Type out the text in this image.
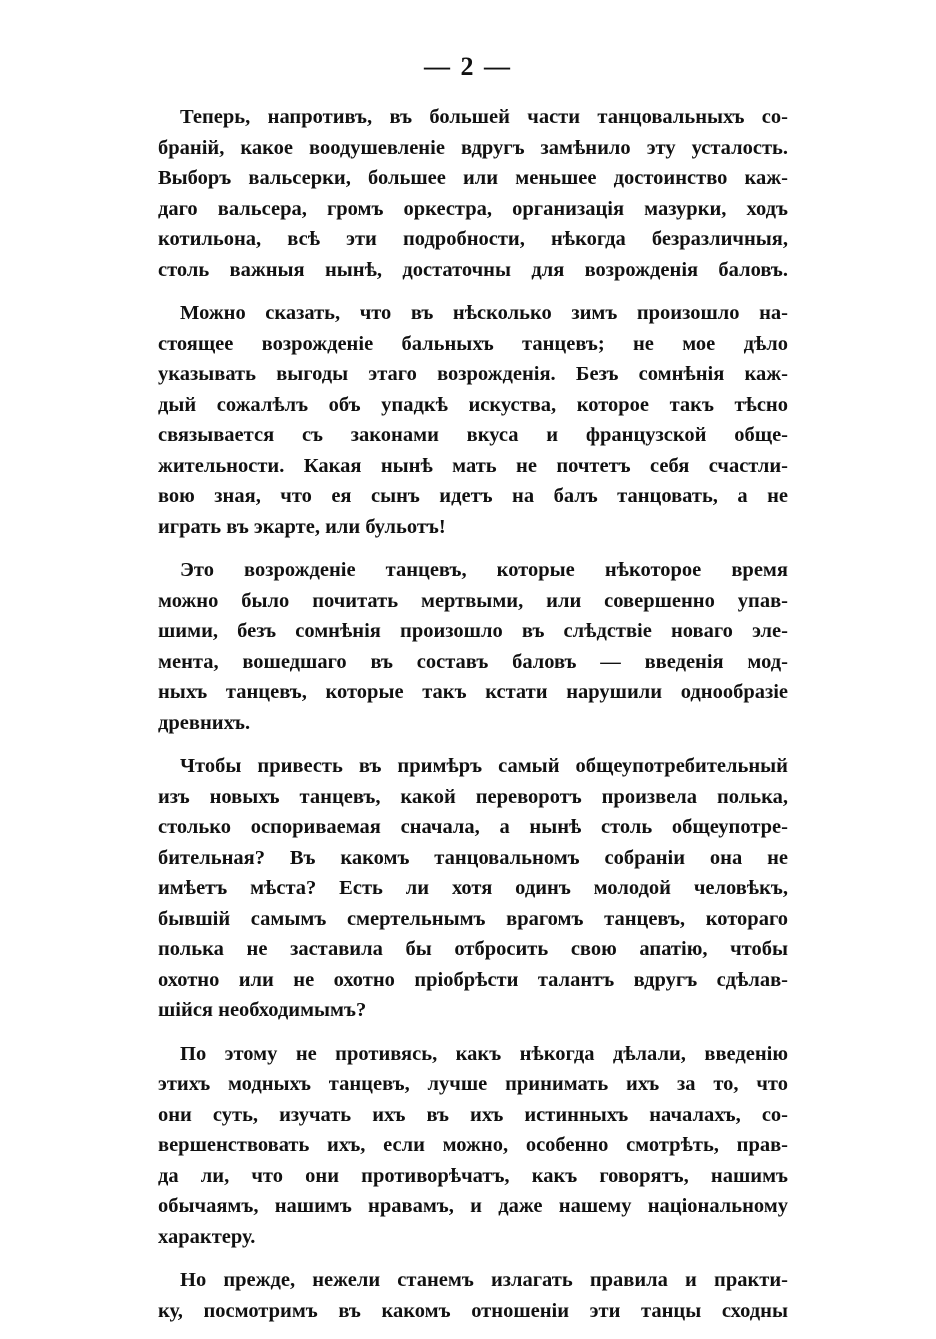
— 2 —
Теперь, напротивъ, въ большей части танцовальныхъ со-
браній, какое воодушевленіе вдругъ замѣнило эту усталость.
Выборъ вальсерки, большее или меньшее достоинство каж-
даго вальсера, громъ оркестра, организація мазурки, ходъ
котильона, всѣ эти подробности, нѣкогда безразличныя,
столь важныя нынѣ, достаточны для возрожденія баловъ.
Можно сказать, что въ нѣсколько зимъ произошло на-
стоящее возрожденіе бальныхъ танцевъ; не мое дѣло
указывать выгоды этаго возрожденія. Безъ сомнѣнія каж-
дый сожалѣлъ объ упадкѣ искуства, которое такъ тѣсно
связывается съ законами вкуса и французской обще-
жительности. Какая нынѣ мать не почтетъ себя счастли-
вою зная, что ея сынъ идетъ на балъ танцовать, а не
играть въ экарте, или бульотъ!
Это возрожденіе танцевъ, которые нѣкоторое время
можно было почитать мертвыми, или совершенно упав-
шими, безъ сомнѣнія произошло въ слѣдствіе новаго эле-
мента, вошедшаго въ составъ баловъ — введенія мод-
ныхъ танцевъ, которые такъ кстати нарушили однообразіе
древнихъ.
Чтобы привесть въ примѣръ самый общеупотребительный
изъ новыхъ танцевъ, какой переворотъ произвела полька,
столько оспориваемая сначала, а нынѣ столь общеупотре-
бительная? Въ какомъ танцовальномъ собраніи она не
имѣетъ мѣста? Есть ли хотя одинъ молодой человѣкъ,
бывшій самымъ смертельнымъ врагомъ танцевъ, котораго
полька не заставила бы отбросить свою апатію, чтобы
охотно или не охотно пріобрѣсти талантъ вдругъ сдѣлав-
шійся необходимымъ?
По этому не противясь, какъ нѣкогда дѣлали, введенію
этихъ модныхъ танцевъ, лучше принимать ихъ за то, что
они суть, изучать ихъ въ ихъ истинныхъ началахъ, со-
вершенствовать ихъ, если можно, особенно смотрѣть, прав-
да ли, что они противорѣчатъ, какъ говорятъ, нашимъ
обычаямъ, нашимъ нравамъ, и даже нашему національному
характеру.
Но прежде, нежели станемъ излагать правила и практи-
ку, посмотримъ въ какомъ отношеніи эти танцы сходны
